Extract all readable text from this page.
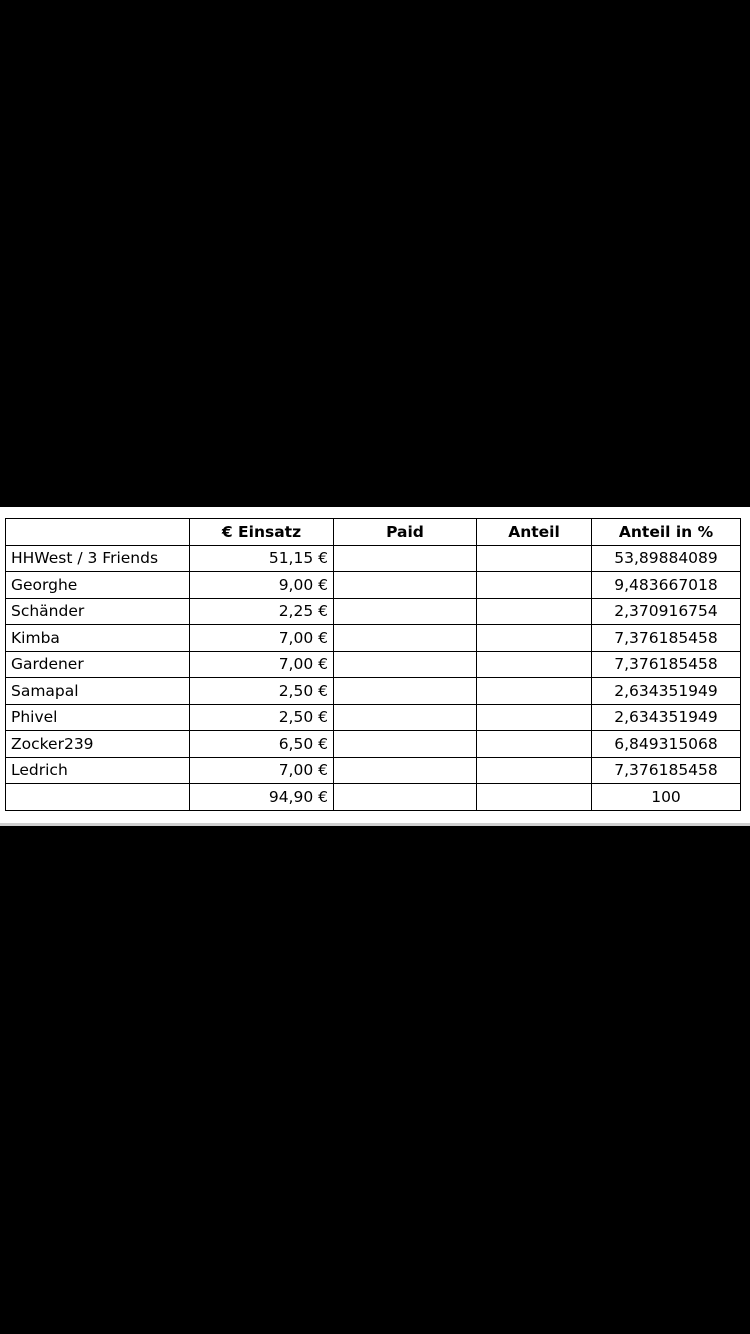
	€ Einsatz	Paid	Anteil	Anteil in %
HHWest / 3 Friends	51,15 €			53,89884089
Georghe	9,00 €			9,483667018
Schänder	2,25 €			2,370916754
Kimba	7,00 €			7,376185458
Gardener	7,00 €			7,376185458
Samapal	2,50 €			2,634351949
Phivel	2,50 €			2,634351949
Zocker239	6,50 €			6,849315068
Ledrich	7,00 €			7,376185458
	94,90 €			100
